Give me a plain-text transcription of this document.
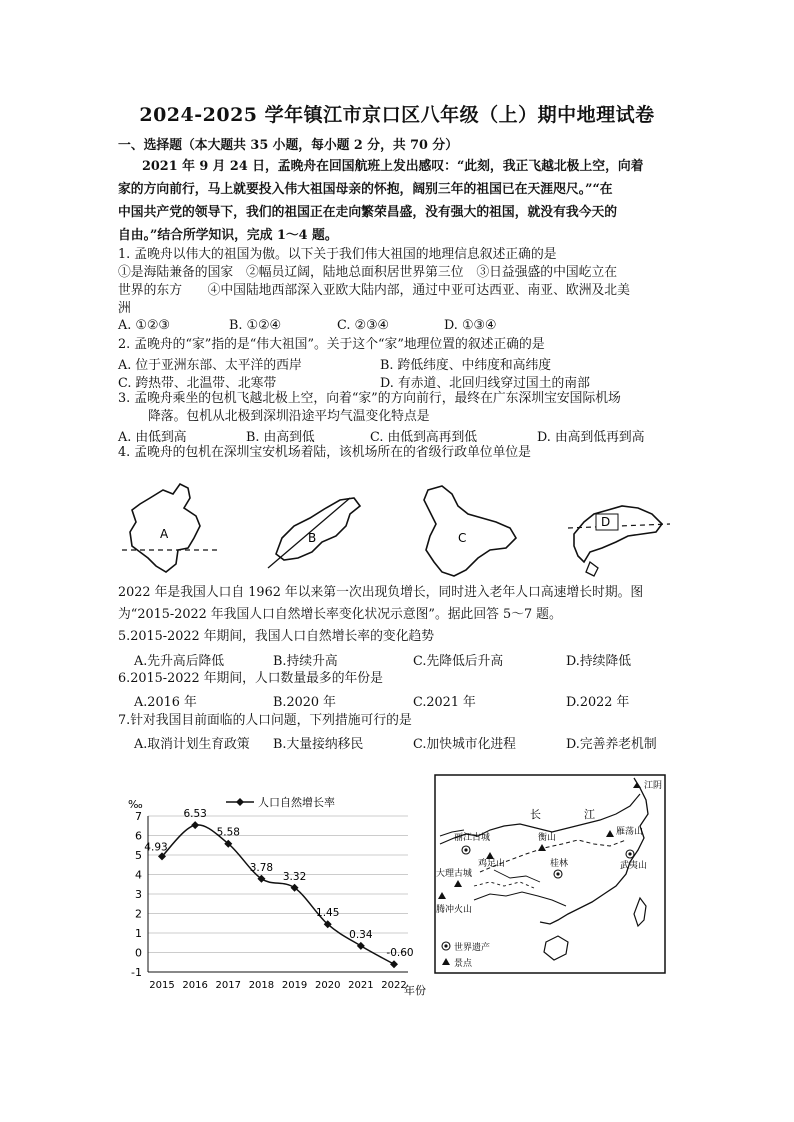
2024-2025 学年镇江市京口区八年级（上）期中地理试卷
一、选择题（本大题共 35 小题，每小题 2 分，共 70 分）
2021 年 9 月 24 日，孟晚舟在回国航班上发出感叹：“此刻，我正飞越北极上空，向着
家的方向前行，马上就要投入伟大祖国母亲的怀抱，阔别三年的祖国已在天涯咫尺。”“在
中国共产党的领导下，我们的祖国正在走向繁荣昌盛，没有强大的祖国，就没有我今天的
自由。”结合所学知识，完成 1～4 题。
1. 孟晚舟以伟大的祖国为傲。以下关于我们伟大祖国的地理信息叙述正确的是
①是海陆兼备的国家　②幅员辽阔，陆地总面积居世界第三位　③日益强盛的中国屹立在
世界的东方　　④中国陆地西部深入亚欧大陆内部，通过中亚可达西亚、南亚、欧洲及北美
洲
A. ①②③	B. ①②④	C. ②③④	D. ①③④
2. 孟晚舟的“家”指的是“伟大祖国”。关于这个“家”地理位置的叙述正确的是
A. 位于亚洲东部、太平洋的西岸	B. 跨低纬度、中纬度和高纬度
C. 跨热带、北温带、北寒带	D. 有赤道、北回归线穿过国土的南部
3. 孟晚舟乘坐的包机飞越北极上空，向着“家”的方向前行，最终在广东深圳宝安国际机场
降落。包机从北极到深圳沿途平均气温变化特点是
A. 由低到高	B. 由高到低	C. 由低到高再到低	D. 由高到低再到高
4. 孟晚舟的包机在深圳宝安机场着陆，该机场所在的省级行政单位单位是
A	B	C
D
2022 年是我国人口自 1962 年以来第一次出现负增长，同时进入老年人口高速增长时期。图
为“2015-2022 年我国人口自然增长率变化状况示意图”。据此回答 5～7 题。
5.2015-2022 年期间，我国人口自然增长率的变化趋势
A.先升高后降低	B.持续升高	C.先降低后升高	D.持续降低
6.2015-2022 年期间，人口数量最多的年份是
A.2016 年	B.2020 年	C.2021 年	D.2022 年
7.针对我国目前面临的人口问题，下列措施可行的是
A.取消计划生育政策 B.大量接纳移民	C.加快城市化进程	D.完善养老机制
-1
0
1
2
3
4
5
6
7
2015 2016 2017 2018 2019 2020 2021 2022
4.93
6.53
5.58
3.78
3.32
1.45
0.34
-0.60
‰	人口自然增长率
年份
江阴
长	江
丽江古城	衡山
雁荡山
鸡足山
大理古城
桂林	武夷山
腾冲火山
世界遗产
景点
